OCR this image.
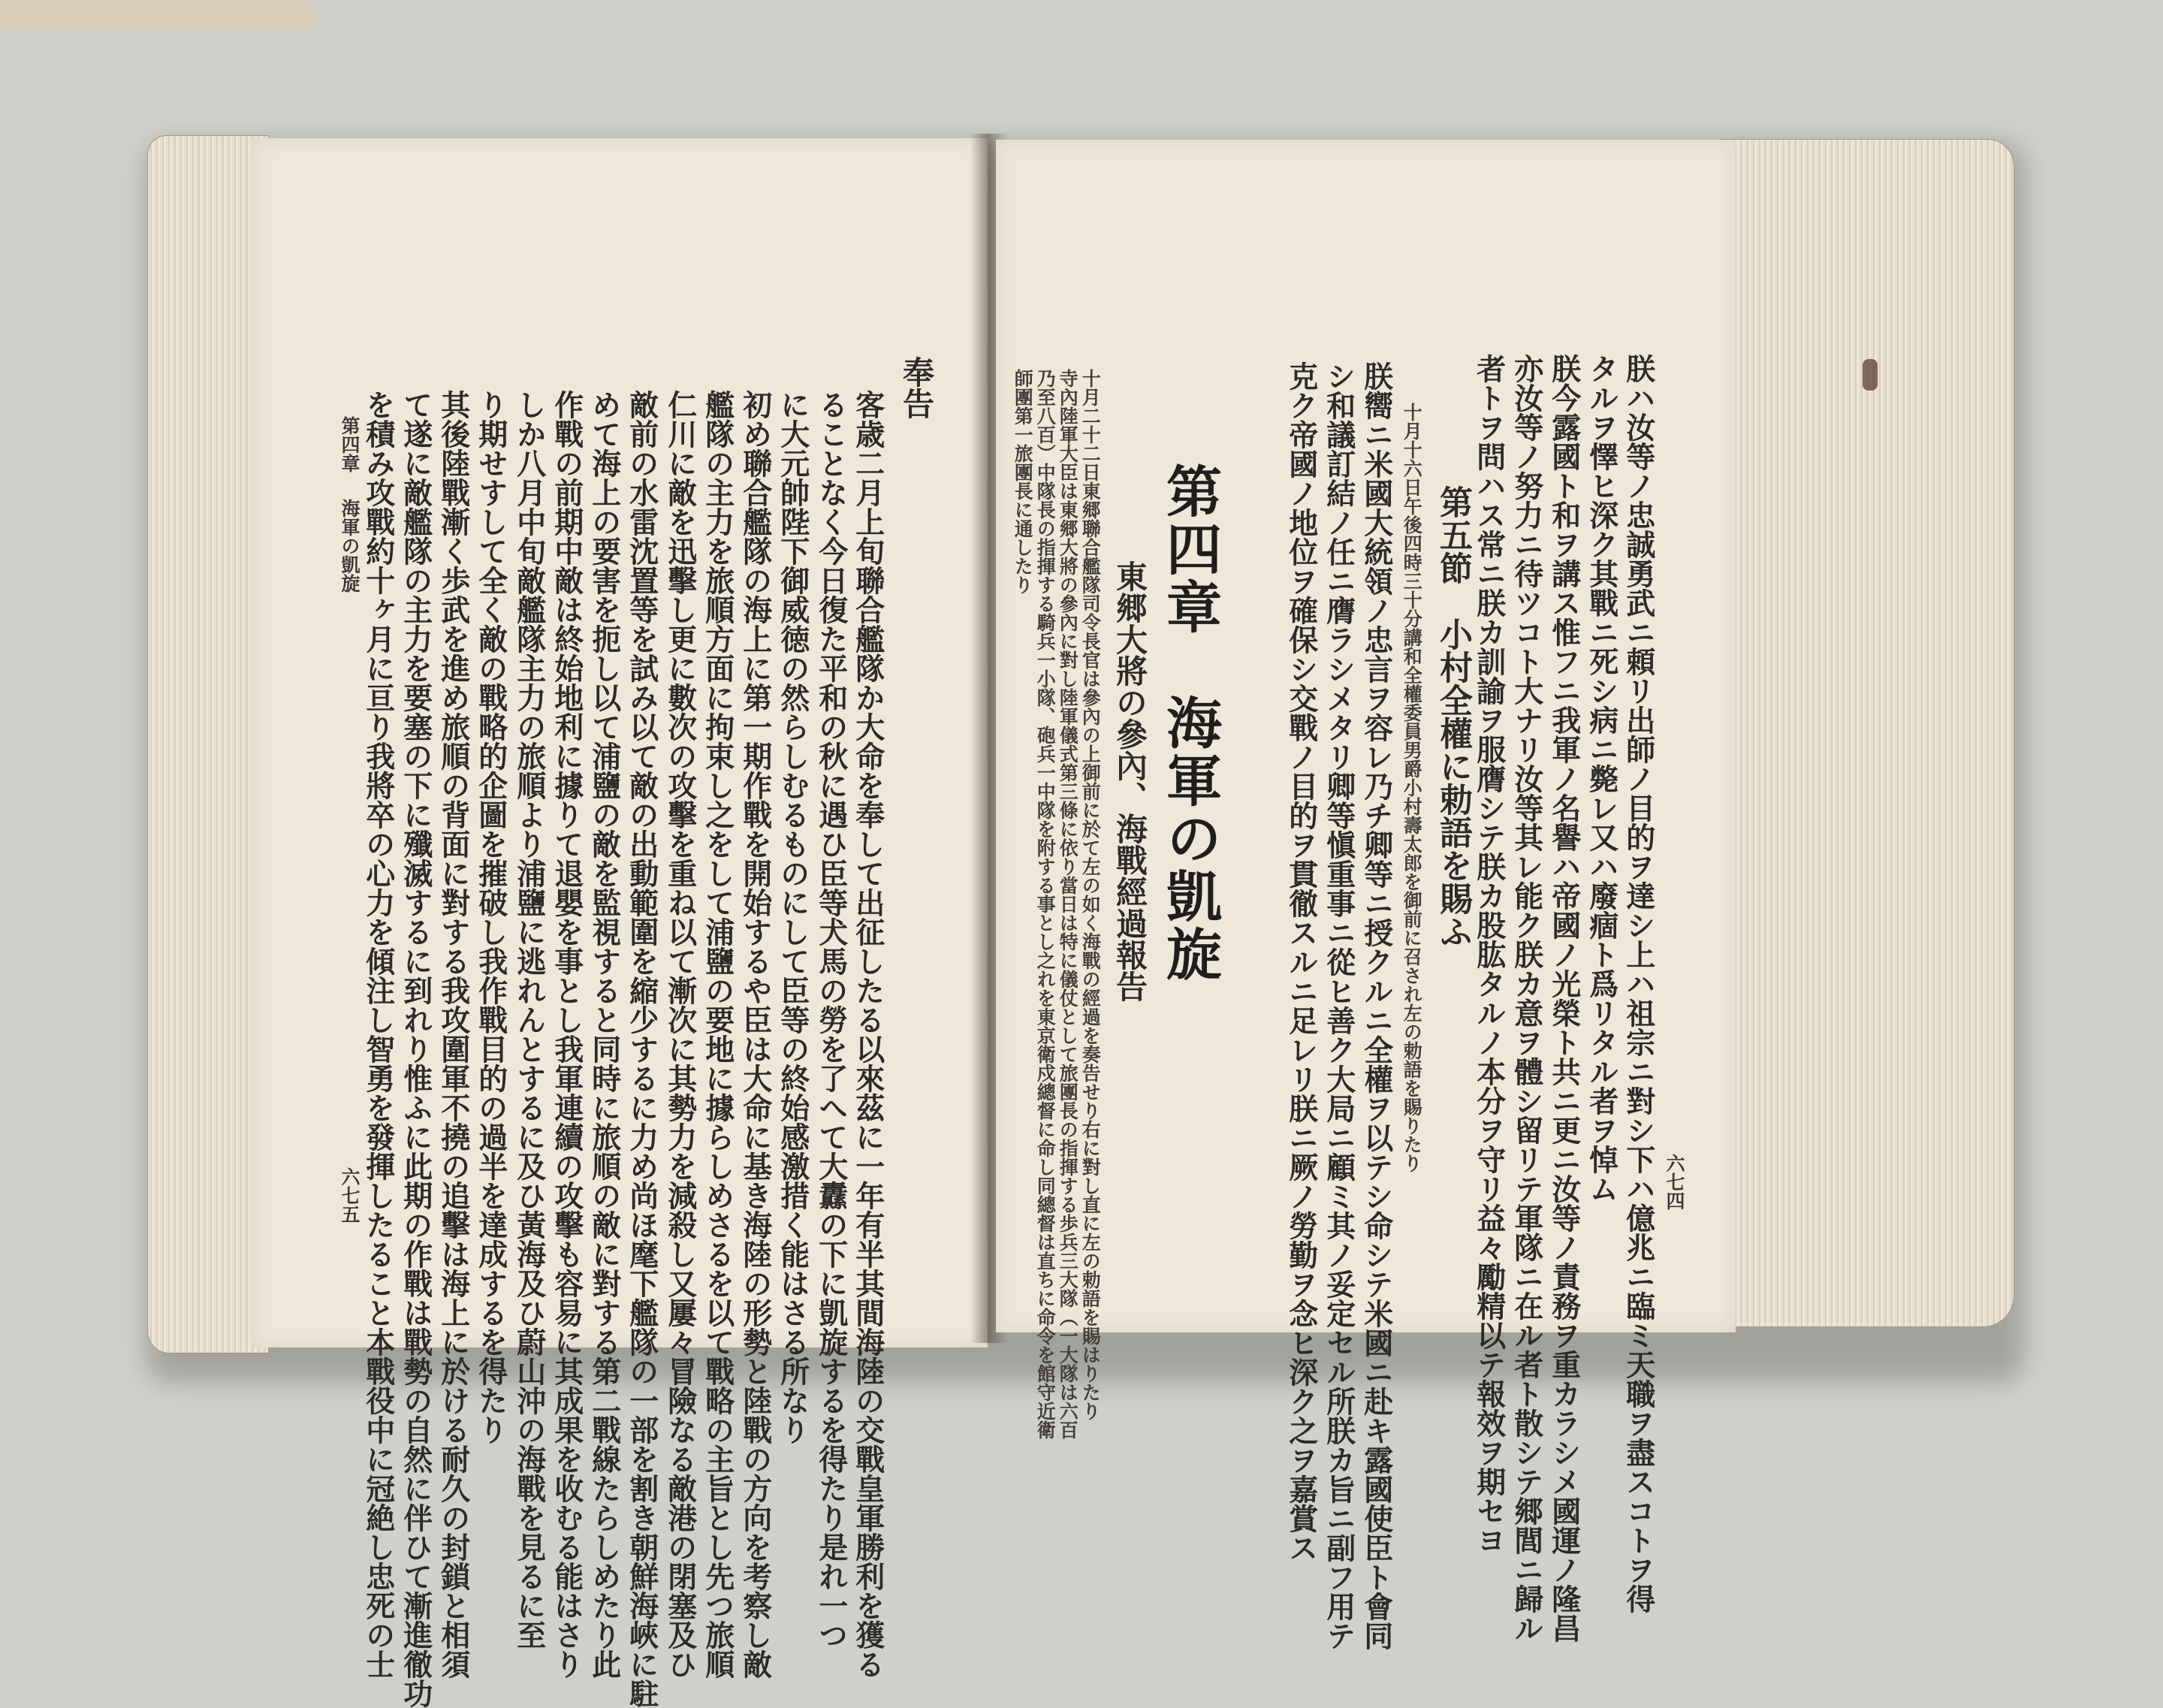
奉告
客歳二月上旬聯合艦隊か大命を奉して出征したる以來茲に一年有半其間海陸の交戰皇軍勝利を獲る
ることなく今日復た平和の秋に遇ひ臣等犬馬の勞を了へて大纛の下に凱旋するを得たり是れ一つ
に大元帥陛下御威徳の然らしむるものにして臣等の終始感激措く能はさる所なり
初め聯合艦隊の海上に第一期作戰を開始するや臣は大命に基き海陸の形勢と陸戰の方向を考察し敵
艦隊の主力を旅順方面に拘束し之をして浦鹽の要地に據らしめさるを以て戰略の主旨とし先つ旅順
仁川に敵を迅擊し更に數次の攻擊を重ね以て漸次に其勢力を減殺し又屢々冒險なる敵港の閉塞及ひ
敵前の水雷沈置等を試み以て敵の出動範圍を縮少するに力め尚ほ麾下艦隊の一部を割き朝鮮海峽に駐
めて海上の要害を扼し以て浦鹽の敵を監視すると同時に旅順の敵に對する第二戰線たらしめたり此
作戰の前期中敵は終始地利に據りて退嬰を事とし我軍連續の攻擊も容易に其成果を收むる能はさり
しか八月中旬敵艦隊主力の旅順より浦鹽に逃れんとするに及ひ黃海及ひ蔚山沖の海戰を見るに至
り期せすして全く敵の戰略的企圖を摧破し我作戰目的の過半を達成するを得たり
其後陸戰漸く歩武を進め旅順の背面に對する我攻圍軍不撓の追擊は海上に於ける耐久の封鎖と相須
て遂に敵艦隊の主力を要塞の下に殲滅するに到れり惟ふに此期の作戰は戰勢の自然に伴ひて漸進徹功
を積み攻戰約十ヶ月に亘り我將卒の心力を傾注し智勇を發揮したること本戰役中に冠絶し忠死の士
第四章
海軍の凱旋
六七五	六七四
朕ハ汝等ノ忠誠勇武ニ頼リ出師ノ目的ヲ達シ上ハ祖宗ニ對シ下ハ億兆ニ臨ミ天職ヲ盡スコトヲ得
タルヲ懌ヒ深ク其戰ニ死シ病ニ斃レ又ハ廢痼ト爲リタル者ヲ悼ム
朕今露國ト和ヲ講ス惟フニ我軍ノ名譽ハ帝國ノ光榮ト共ニ更ニ汝等ノ責務ヲ重カラシメ國運ノ隆昌
亦汝等ノ努力ニ待ツコト大ナリ汝等其レ能ク朕カ意ヲ體シ留リテ軍隊ニ在ル者ト散シテ郷閭ニ歸ル
者トヲ問ハス常ニ朕カ訓諭ヲ服膺シテ朕カ股肱タルノ本分ヲ守リ益々勵精以テ報效ヲ期セヨ
第五節　小村全權に勅語を賜ふ
十月十六日午後四時三十分講和全權委員男爵小村壽太郎を御前に召され左の勅語を賜りたり
朕嚮ニ米國大統領ノ忠言ヲ容レ乃チ卿等ニ授クルニ全權ヲ以テシ命シテ米國ニ赴キ露國使臣ト會同
シ和議訂結ノ任ニ膺ラシメタリ卿等愼重事ニ從ヒ善ク大局ニ顧ミ其ノ妥定セル所朕カ旨ニ副フ用テ
克ク帝國ノ地位ヲ確保シ交戰ノ目的ヲ貫徹スルニ足レリ朕ニ厥ノ勞勤ヲ念ヒ深ク之ヲ嘉賞ス
第四章　海軍の凱旋
東郷大將の參內、海戰經過報告
十月二十二日東郷聯合艦隊司令長官は參內の上御前に於て左の如く海戰の經過を奏告せり右に對し直に左の勅語を賜はりたり
寺內陸軍大臣は東郷大將の參內に對し陸軍儀式第三條に依り當日は特に儀仗として旅團長の指揮する歩兵三大隊（一大隊は六百
乃至八百）中隊長の指揮する騎兵一小隊、砲兵一中隊を附する事とし之れを東京衛戍總督に命し同總督は直ちに命令を館守近衛
師團第一旅團長に通したり
